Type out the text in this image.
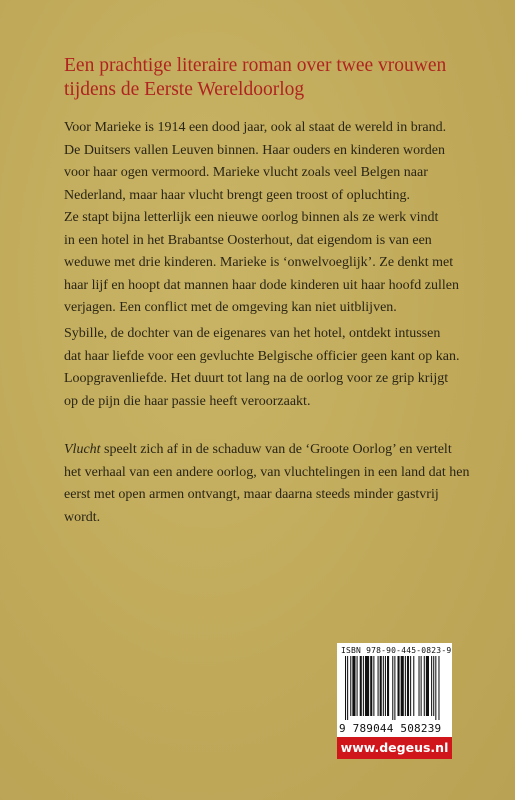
Een prachtige literaire roman over twee vrouwen
tijdens de Eerste Wereldoorlog

Voor Marieke is 1914 een dood jaar, ook al staat de wereld in brand.
De Duitsers vallen Leuven binnen. Haar ouders en kinderen worden
voor haar ogen vermoord. Marieke vlucht zoals veel Belgen naar
Nederland, maar haar vlucht brengt geen troost of opluchting.
Ze stapt bijna letterlijk een nieuwe oorlog binnen als ze werk vindt
in een hotel in het Brabantse Oosterhout, dat eigendom is van een
weduwe met drie kinderen. Marieke is ‘onwelvoeglijk’. Ze denkt met
haar lijf en hoopt dat mannen haar dode kinderen uit haar hoofd zullen
verjagen. Een conflict met de omgeving kan niet uitblijven.

Sybille, de dochter van de eigenares van het hotel, ontdekt intussen
dat haar liefde voor een gevluchte Belgische officier geen kant op kan.
Loopgravenliefde. Het duurt tot lang na de oorlog voor ze grip krijgt
op de pijn die haar passie heeft veroorzaakt.

Vlucht speelt zich af in de schaduw van de ‘Groote Oorlog’ en vertelt
het verhaal van een andere oorlog, van vluchtelingen in een land dat hen
eerst met open armen ontvangt, maar daarna steeds minder gastvrij
wordt.

ISBN 978-90-445-0823-9
9 789044 508239
www.degeus.nl
